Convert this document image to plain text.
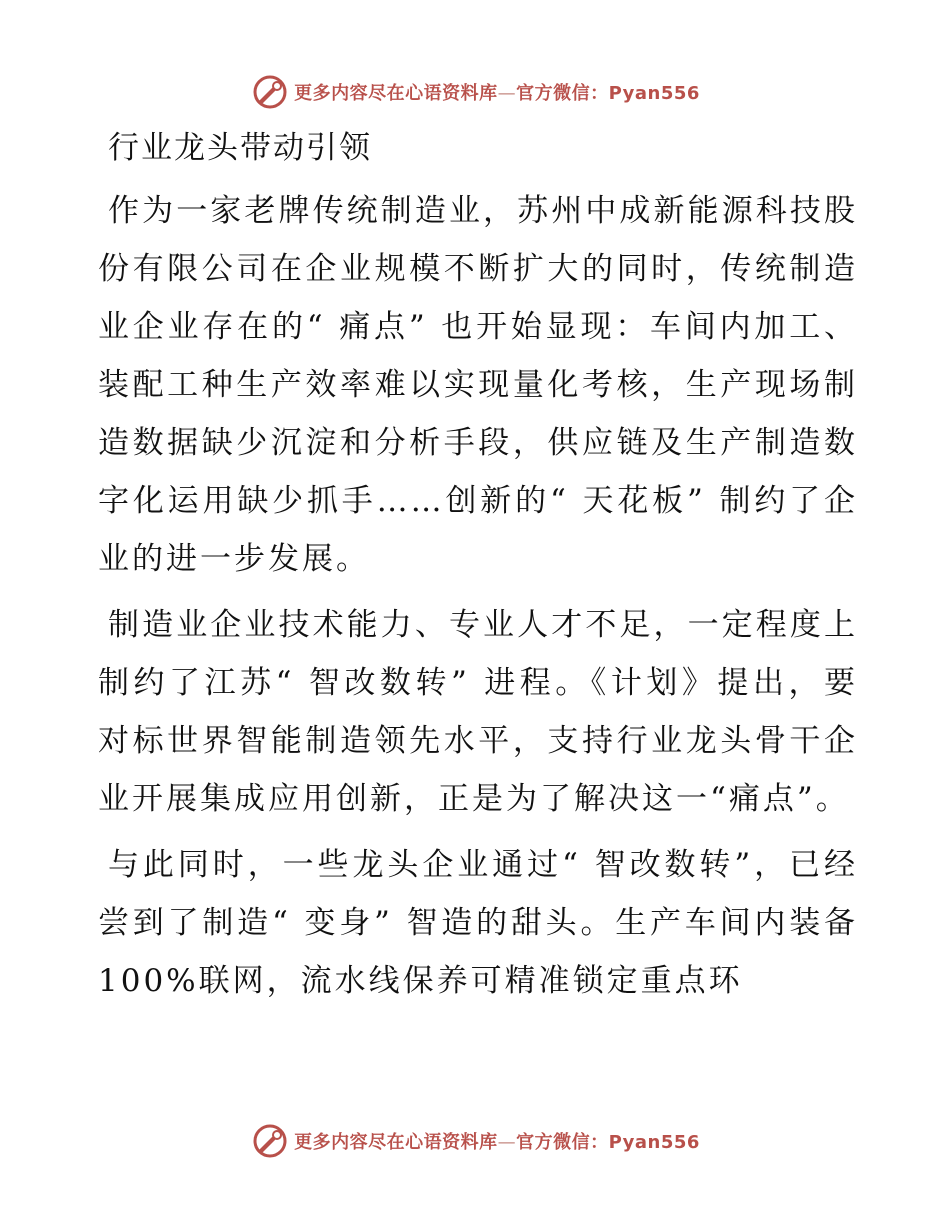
更多内容尽在心语资料库—官方微信：Pyan556
行业龙头带动引领

作为一家老牌传统制造业，苏州中成新能源科技股份有限公司在企业规模不断扩大的同时，传统制造业企业存在的“ 痛点” 也开始显现：车间内加工、装配工种生产效率难以实现量化考核，生产现场制造数据缺少沉淀和分析手段，供应链及生产制造数字化运用缺少抓手……创新的“ 天花板” 制约了企业的进一步发展。

制造业企业技术能力、专业人才不足，一定程度上制约了江苏“ 智改数转” 进程。《计划》提出，要对标世界智能制造领先水平，支持行业龙头骨干企业开展集成应用创新，正是为了解决这一“痛点”。

与此同时，一些龙头企业通过“ 智改数转”，已经尝到了制造“ 变身” 智造的甜头。生产车间内装备 100%联网，流水线保养可精准锁定重点环

更多内容尽在心语资料库—官方微信：Pyan556
